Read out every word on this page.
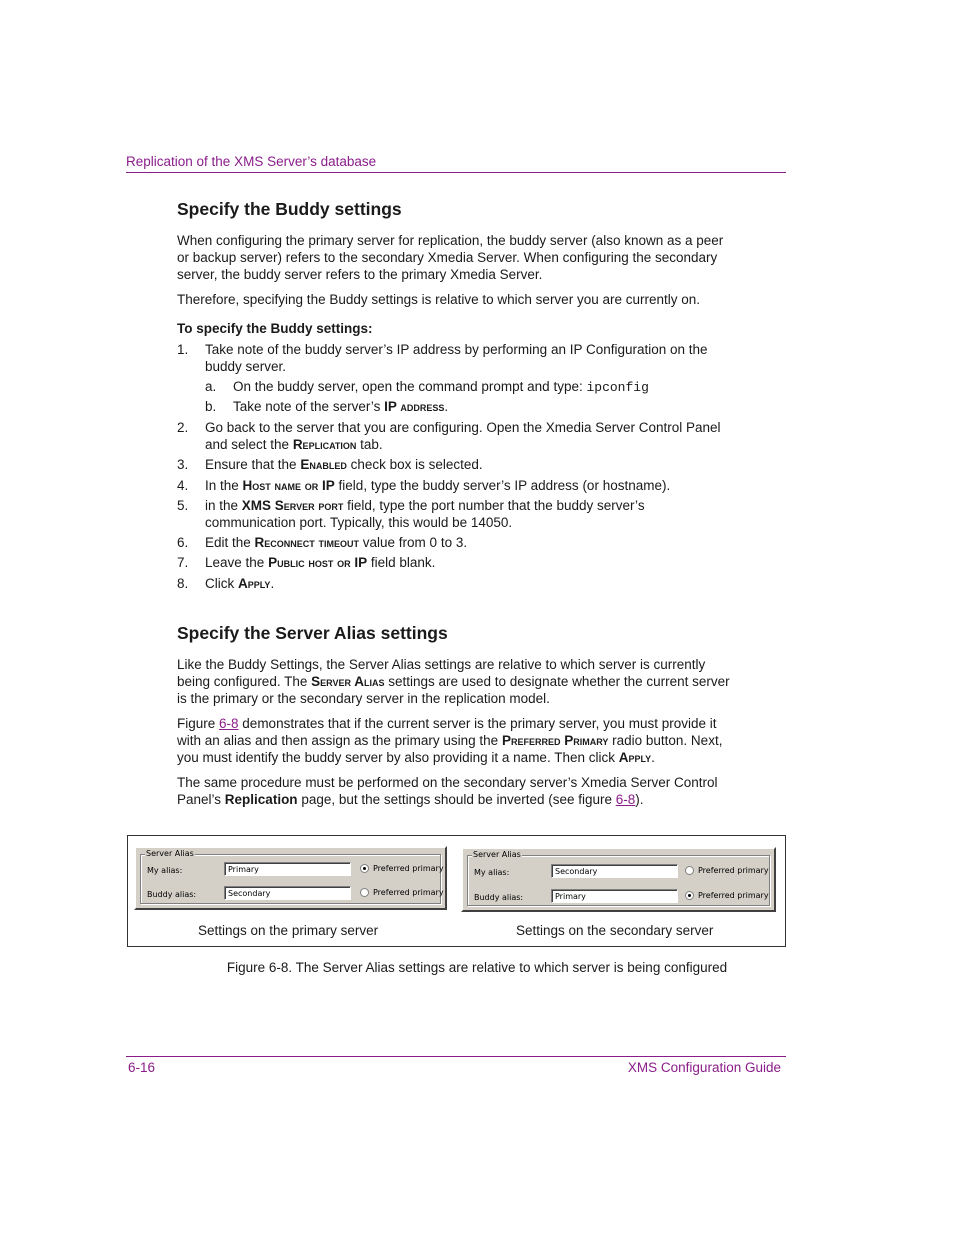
Replication of the XMS Server’s database
Specify the Buddy settings

When configuring the primary server for replication, the buddy server (also known as a peer or backup server) refers to the secondary Xmedia Server. When configuring the secondary server, the buddy server refers to the primary Xmedia Server.

Therefore, specifying the Buddy settings is relative to which server you are currently on.

To specify the Buddy settings:
1. Take note of the buddy server’s IP address by performing an IP Configuration on the buddy server.
a. On the buddy server, open the command prompt and type: ipconfig
b. Take note of the server’s IP address.
2. Go back to the server that you are configuring. Open the Xmedia Server Control Panel and select the Replication tab.
3. Ensure that the Enabled check box is selected.
4. In the Host name or IP field, type the buddy server’s IP address (or hostname).
5. in the XMS Server port field, type the port number that the buddy server’s communication port. Typically, this would be 14050.
6. Edit the Reconnect timeout value from 0 to 3.
7. Leave the Public host or IP field blank.
8. Click Apply.
Specify the Server Alias settings

Like the Buddy Settings, the Server Alias settings are relative to which server is currently being configured. The Server Alias settings are used to designate whether the current server is the primary or the secondary server in the replication model.

Figure 6-8 demonstrates that if the current server is the primary server, you must provide it with an alias and then assign as the primary using the Preferred Primary radio button. Next, you must identify the buddy server by also providing it a name. Then click Apply.

The same procedure must be performed on the secondary server’s Xmedia Server Control Panel’s Replication page, but the settings should be inverted (see figure 6-8).

Server Alias
My alias:
Buddy alias:
Primary
Secondary
Preferred primary
Preferred primary
Server Alias
My alias:
Buddy alias:
Secondary
Primary
Preferred primary
Preferred primary
Settings on the primary server	Settings on the secondary server
Figure 6-8. The Server Alias settings are relative to which server is being configured
6-16	XMS Configuration Guide
